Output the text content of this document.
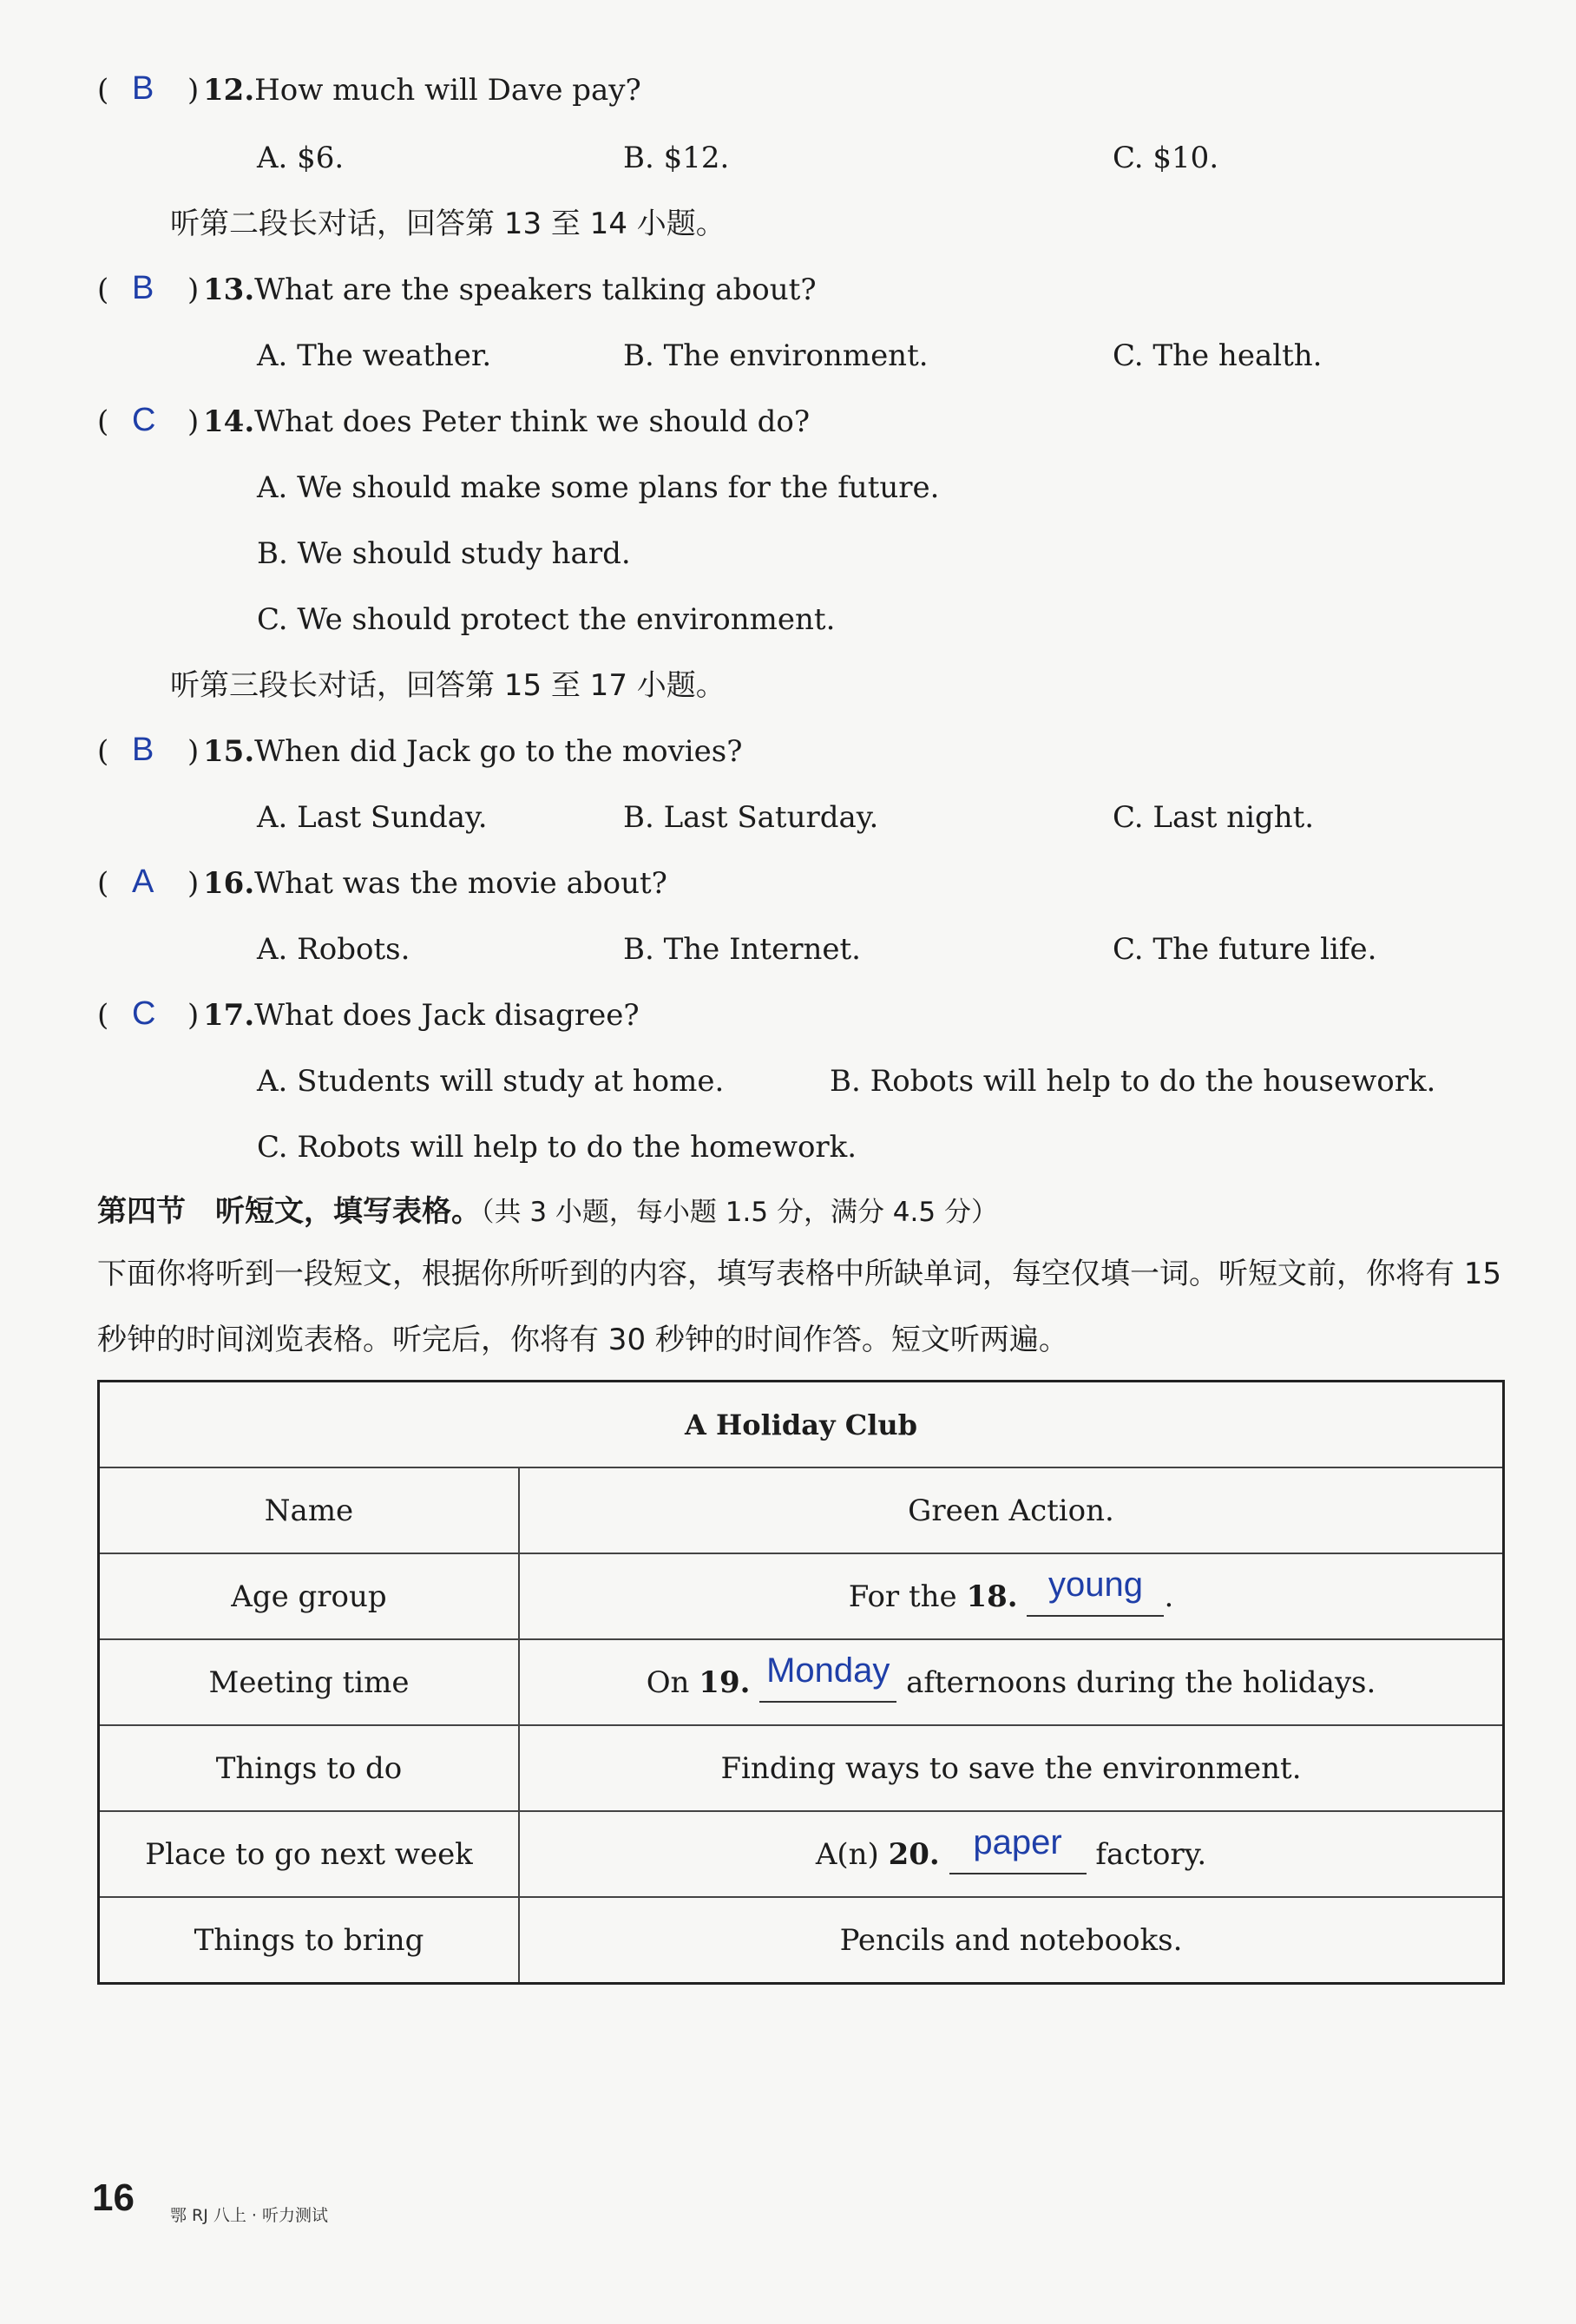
( B ) 12.How much will Dave pay?
A. $6.	B. $12.	C. $10.
听第二段长对话，回答第 13 至 14 小题。
( B ) 13.What are the speakers talking about?
A. The weather.	B. The environment.	C. The health.
( C ) 14.What does Peter think we should do?
A. We should make some plans for the future.
B. We should study hard.
C. We should protect the environment.
听第三段长对话，回答第 15 至 17 小题。
( B ) 15.When did Jack go to the movies?
A. Last Sunday.	B. Last Saturday.	C. Last night.
( A ) 16.What was the movie about?
A. Robots.	B. The Internet.	C. The future life.
( C ) 17.What does Jack disagree?
A. Students will study at home.	B. Robots will help to do the housework.
C. Robots will help to do the homework.
第四节　听短文，填写表格。（共 3 小题，每小题 1.5 分，满分 4.5 分）
下面你将听到一段短文，根据你所听到的内容，填写表格中所缺单词，每空仅填一词。听短文前，你将有 15 秒钟的时间浏览表格。听完后，你将有 30 秒钟的时间作答。短文听两遍。
A Holiday Club	
Name	Green Action.
Age group	For the 18. young .
Meeting time	On 19. Monday afternoons during the holidays.
Things to do	Finding ways to save the environment.
Place to go next week	A(n) 20. paper factory.
Things to bring	Pencils and notebooks.
16 鄂 RJ 八上 · 听力测试
